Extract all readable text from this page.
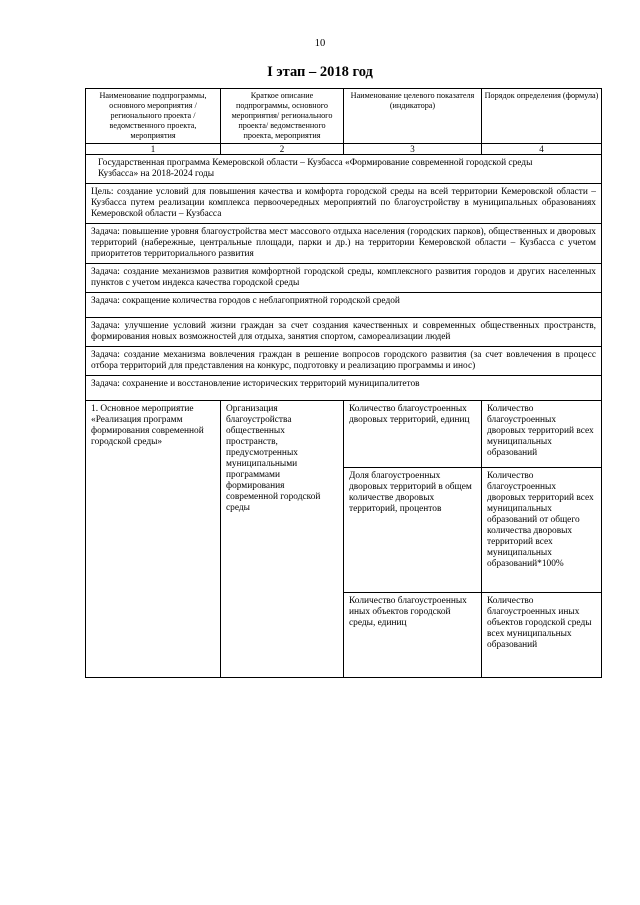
10
I этап – 2018 год
Наименование подпрограммы, основного мероприятия / регионального проекта / ведомственного проекта, мероприятия	Краткое описание подпрограммы, основного мероприятия/ регионального проекта/ ведомственного проекта, мероприятия	Наименование целевого показателя (индикатора)	Порядок определения (формула)
1	2	3	4
Государственная программа Кемеровской области – Кузбасса «Формирование современной городской среды Кузбасса» на 2018-2024 годы			
Цель: создание условий для повышения качества и комфорта городской среды на всей территории Кемеровской области – Кузбасса путем реализации комплекса первоочередных мероприятий по благоустройству в муниципальных образованиях Кемеровской области – Кузбасса			
Задача: повышение уровня благоустройства мест массового отдыха населения (городских парков), общественных и дворовых территорий (набережные, центральные площади, парки и др.) на территории Кемеровской области – Кузбасса с учетом приоритетов территориального развития			
Задача: создание механизмов развития комфортной городской среды, комплексного развития городов и других населенных пунктов с учетом индекса качества городской среды			
Задача: сокращение количества городов с неблагоприятной городской средой			
Задача: улучшение условий жизни граждан за счет создания качественных и современных общественных пространств, формирования новых возможностей для отдыха, занятия спортом, самореализации людей			
Задача: создание механизма вовлечения граждан в решение вопросов городского развития (за счет вовлечения в процесс отбора территорий для представления на конкурс, подготовку и реализацию программы и инос)			
Задача: сохранение и восстановление исторических территорий муниципалитетов			
1. Основное мероприятие «Реализация программ формирования современной городской среды»	Организация благоустройства общественных пространств, предусмотренных муниципальными программами формирования современной городской среды	Количество благоустроенных дворовых территорий, единиц	Количество благоустроенных дворовых территорий всех муниципальных образований
		Доля благоустроенных дворовых территорий в общем количестве дворовых территорий, процентов	Количество благоустроенных дворовых территорий всех муниципальных образований от общего количества дворовых территорий всех муниципальных образований*100%
		Количество благоустроенных иных объектов городской среды, единиц	Количество благоустроенных иных объектов городской среды всех муниципальных образований
